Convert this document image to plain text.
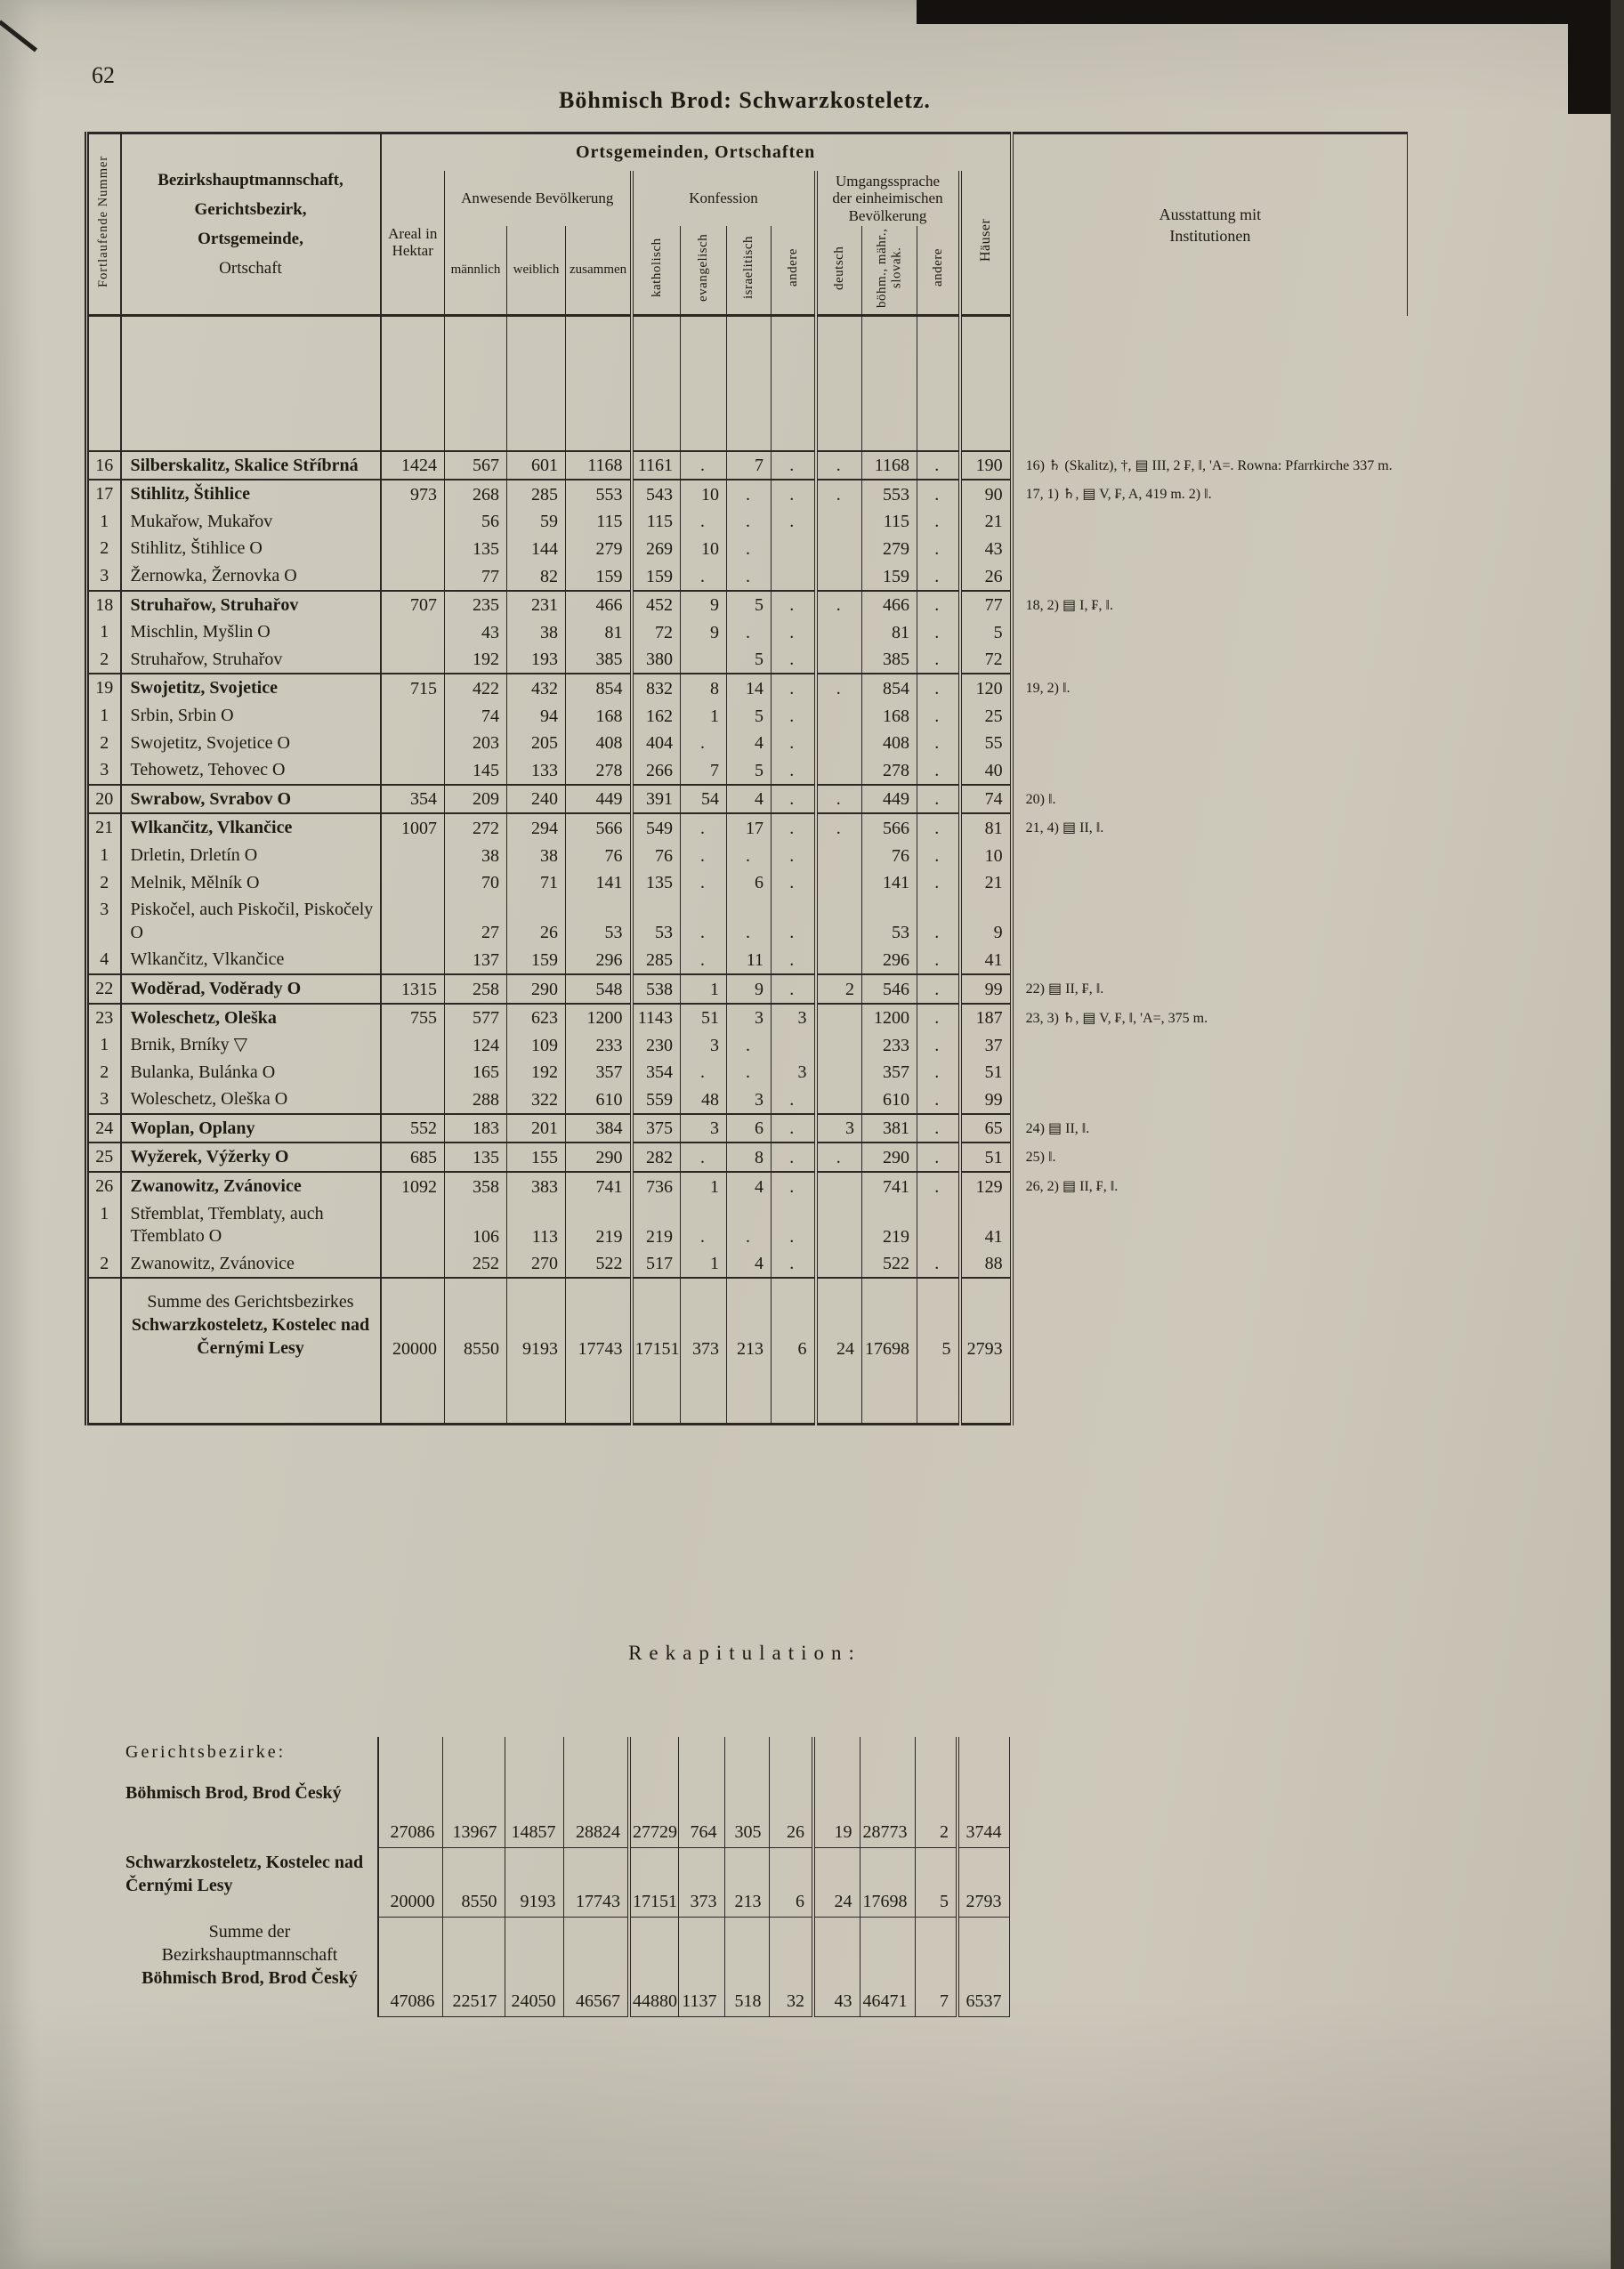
62
Böhmisch Brod: Schwarzkosteletz.
Fortlaufende Nummer	Bezirkshauptmannschaft,
Gerichtsbezirk,
Ortsgemeinde,
Ortschaft	Ortsgemeinden, Ortschaften												Ausstattung mit Institutionen

		Areal in Hektar	Anwesende Bevölkerung			Konfession				Umgangssprache der einheimischen Bevölkerung			Häuser	
			männlich	weiblich	zusammen	katholisch	evangelisch	israelitisch	andere	deutsch	böhm., mähr., slovak.	andere		

16	Silberskalitz, Skalice Stříbrná	1424	567	601	1168	1161	.	7	.	.	1168	.	190	16) ♄ (Skalitz), †, ▤ III, 2 ₣, ‖, 'A=. Rowna: Pfarrkirche 337 m.
17	Stihlitz, Štihlice	973	268	285	553	543	10	.	.	.	553	.	90	17, 1) ♄, ▤ V, ₣, A, 419 m. 2) ‖.
1	Mukařow, Mukařov		56	59	115	115	.	.	.		115	.	21	
2	Stihlitz, Štihlice O		135	144	279	269	10	.			279	.	43	
3	Žernowka, Žernovka O		77	82	159	159	.	.			159	.	26	
18	Struhařow, Struhařov	707	235	231	466	452	9	5	.	.	466	.	77	18, 2) ▤ I, ₣, ‖.
1	Mischlin, Myšlin O		43	38	81	72	9	.	.		81	.	5	
2	Struhařow, Struhařov		192	193	385	380		5	.		385	.	72	
19	Swojetitz, Svojetice	715	422	432	854	832	8	14	.	.	854	.	120	19, 2) ‖.
1	Srbin, Srbin O		74	94	168	162	1	5	.		168	.	25	
2	Swojetitz, Svojetice O		203	205	408	404	.	4	.		408	.	55	
3	Tehowetz, Tehovec O		145	133	278	266	7	5	.		278	.	40	
20	Swrabow, Svrabov O	354	209	240	449	391	54	4	.	.	449	.	74	20) ‖.
21	Wlkančitz, Vlkančice	1007	272	294	566	549	.	17	.	.	566	.	81	21, 4) ▤ II, ‖.
1	Drletin, Drletín O		38	38	76	76	.	.	.		76	.	10	
2	Melnik, Mělník O		70	71	141	135	.	6	.		141	.	21	
3	Piskočel, auch Piskočil, Piskočely O		27	26	53	53	.	.	.		53	.	9	
4	Wlkančitz, Vlkančice		137	159	296	285	.	11	.		296	.	41	
22	Woděrad, Voděrady O	1315	258	290	548	538	1	9	.	2	546	.	99	22) ▤ II, ₣, ‖.
23	Woleschetz, Oleška	755	577	623	1200	1143	51	3	3		1200	.	187	23, 3) ♄, ▤ V, ₣, ‖, 'A=, 375 m.
1	Brnik, Brníky ▽		124	109	233	230	3	.			233	.	37	
2	Bulanka, Bulánka O		165	192	357	354	.	.	3		357	.	51	
3	Woleschetz, Oleška O		288	322	610	559	48	3	.		610	.	99	
24	Woplan, Oplany	552	183	201	384	375	3	6	.	3	381	.	65	24) ▤ II, ‖.
25	Wyžerek, Výžerky O	685	135	155	290	282	.	8	.	.	290	.	51	25) ‖.
26	Zwanowitz, Zvánovice	1092	358	383	741	736	1	4	.		741	.	129	26, 2) ▤ II, ₣, ‖.
1	Střemblat, Třemblaty, auch Třemblato O		106	113	219	219	.	.	.		219		41	
2	Zwanowitz, Zvánovice		252	270	522	517	1	4	.		522	.	88	

	Summe des Gerichtsbezirkes
Schwarzkosteletz, Kostelec nad Černými Lesy	20000	8550	9193	17743	17151	373	213	6	24	17698	5	2793	

Rekapitulation:
	Gerichtsbezirke:													

	Böhmisch Brod, Brod Český	27086	13967	14857	28824	27729	764	305	26	19	28773	2	3744	

	Schwarzkosteletz, Kostelec nad Černými Lesy	20000	8550	9193	17743	17151	373	213	6	24	17698	5	2793	

	Summe der Bezirkshauptmannschaft
Böhmisch Brod, Brod Český	47086	22517	24050	46567	44880	1137	518	32	43	46471	7	6537	
